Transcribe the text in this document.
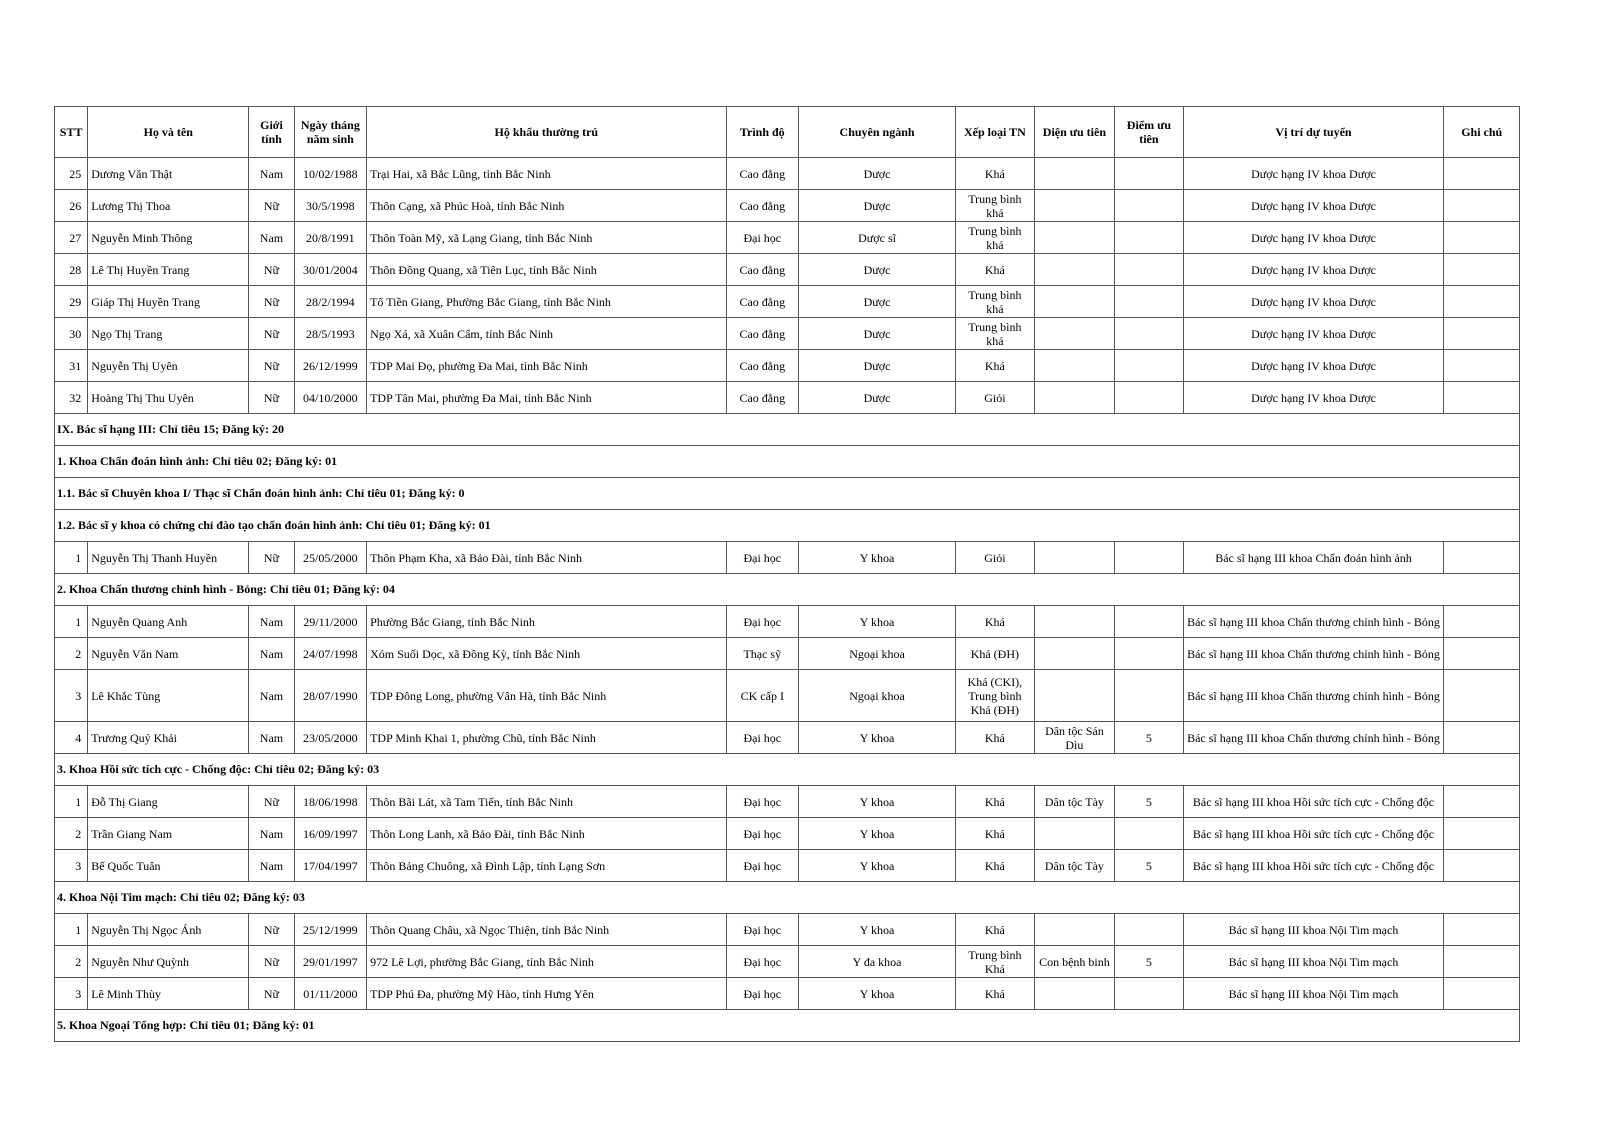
STT	Họ và tên	Giới tính	Ngày tháng năm sinh	Hộ khẩu thường trú	Trình độ	Chuyên ngành	Xếp loại TN	Diện ưu tiên	Điểm ưu tiên	Vị trí dự tuyển	Ghi chú
25	Dương Văn Thật	Nam	10/02/1988	Trại Hai, xã Bắc Lũng, tỉnh Bắc Ninh	Cao đẳng	Dược	Khá			Dược hạng IV khoa Dược	
26	Lương Thị Thoa	Nữ	30/5/1998	Thôn Cạng, xã Phúc Hoà, tỉnh Bắc Ninh	Cao đẳng	Dược	Trung bình khá			Dược hạng IV khoa Dược	
27	Nguyễn Minh Thông	Nam	20/8/1991	Thôn Toàn Mỹ, xã Lạng Giang, tỉnh Bắc Ninh	Đại học	Dược sĩ	Trung bình khá			Dược hạng IV khoa Dược	
28	Lê Thị Huyền Trang	Nữ	30/01/2004	Thôn Đồng Quang, xã Tiên Lục, tỉnh Bắc Ninh	Cao đẳng	Dược	Khá			Dược hạng IV khoa Dược	
29	Giáp Thị Huyền Trang	Nữ	28/2/1994	Tổ Tiền Giang, Phường Bắc Giang, tỉnh Bắc Ninh	Cao đẳng	Dược	Trung bình khá			Dược hạng IV khoa Dược	
30	Ngọ Thị Trang	Nữ	28/5/1993	Ngọ Xá, xã Xuân Cẩm, tỉnh Bắc Ninh	Cao đẳng	Dược	Trung bình khá			Dược hạng IV khoa Dược	
31	Nguyễn Thị Uyên	Nữ	26/12/1999	TDP Mai Đọ, phường Đa Mai, tỉnh Bắc Ninh	Cao đẳng	Dược	Khá			Dược hạng IV khoa Dược	
32	Hoàng Thị Thu Uyên	Nữ	04/10/2000	TDP Tân Mai, phường Đa Mai, tỉnh Bắc Ninh	Cao đẳng	Dược	Giỏi			Dược hạng IV khoa Dược	
IX. Bác sĩ hạng III: Chỉ tiêu 15; Đăng ký: 20											
1. Khoa Chẩn đoán hình ảnh: Chỉ tiêu 02; Đăng ký: 01											
1.1. Bác sĩ Chuyên khoa I/ Thạc sĩ Chẩn đoán hình ảnh: Chỉ tiêu 01; Đăng ký: 0											
1.2. Bác sĩ y khoa có chứng chỉ đào tạo chẩn đoán hình ảnh: Chỉ tiêu 01; Đăng ký: 01											
1	Nguyễn Thị Thanh Huyền	Nữ	25/05/2000	Thôn Phạm Kha, xã Bảo Đài, tỉnh Bắc Ninh	Đại học	Y khoa	Giỏi			Bác sĩ hạng III khoa Chẩn đoán hình ảnh	
2. Khoa Chấn thương chỉnh hình - Bỏng: Chỉ tiêu 01; Đăng ký: 04											
1	Nguyễn Quang Anh	Nam	29/11/2000	Phường Bắc Giang, tỉnh Bắc Ninh	Đại học	Y khoa	Khá			Bác sĩ hạng III khoa Chấn thương chỉnh hình - Bỏng	
2	Nguyễn Văn Nam	Nam	24/07/1998	Xóm Suối Dọc, xã Đồng Kỳ, tỉnh Bắc Ninh	Thạc sỹ	Ngoại khoa	Khá (ĐH)			Bác sĩ hạng III khoa Chấn thương chỉnh hình - Bỏng	
3	Lê Khắc Tùng	Nam	28/07/1990	TDP Đông Long, phường Vân Hà, tỉnh Bắc Ninh	CK cấp I	Ngoại khoa	Khá (CKI), Trung bình Khá (ĐH)			Bác sĩ hạng III khoa Chấn thương chỉnh hình - Bỏng	
4	Trương Quý Khải	Nam	23/05/2000	TDP Minh Khai 1, phường Chũ, tỉnh Bắc Ninh	Đại học	Y khoa	Khá	Dân tộc Sán Dìu	5	Bác sĩ hạng III khoa Chấn thương chỉnh hình - Bỏng	
3. Khoa Hồi sức tích cực - Chống độc: Chỉ tiêu 02; Đăng ký: 03											
1	Đỗ Thị Giang	Nữ	18/06/1998	Thôn Bãi Lát, xã Tam Tiến, tỉnh Bắc Ninh	Đại học	Y khoa	Khá	Dân tộc Tày	5	Bác sĩ hạng III khoa Hồi sức tích cực - Chống độc	
2	Trần Giang Nam	Nam	16/09/1997	Thôn Long Lanh, xã Bảo Đài, tỉnh Bắc Ninh	Đại học	Y khoa	Khá			Bác sĩ hạng III khoa Hồi sức tích cực - Chống độc	
3	Bế Quốc Tuân	Nam	17/04/1997	Thôn Bảng Chuông, xã Đình Lập, tỉnh Lạng Sơn	Đại học	Y khoa	Khá	Dân tộc Tày	5	Bác sĩ hạng III khoa Hồi sức tích cực - Chống độc	
4. Khoa Nội Tim mạch: Chỉ tiêu 02; Đăng ký: 03											
1	Nguyễn Thị Ngọc Ánh	Nữ	25/12/1999	Thôn Quang Châu, xã Ngọc Thiện, tỉnh Bắc Ninh	Đại học	Y khoa	Khá			Bác sĩ hạng III khoa Nội Tim mạch	
2	Nguyễn Như Quỳnh	Nữ	29/01/1997	972 Lê Lợi, phường Bắc Giang, tỉnh Bắc Ninh	Đại học	Y đa khoa	Trung bình Khá	Con bệnh binh	5	Bác sĩ hạng III khoa Nội Tim mạch	
3	Lê Minh Thùy	Nữ	01/11/2000	TDP Phú Đa, phường Mỹ Hào, tỉnh Hưng Yên	Đại học	Y khoa	Khá			Bác sĩ hạng III khoa Nội Tim mạch	
5. Khoa Ngoại Tổng hợp: Chỉ tiêu 01; Đăng ký: 01											
